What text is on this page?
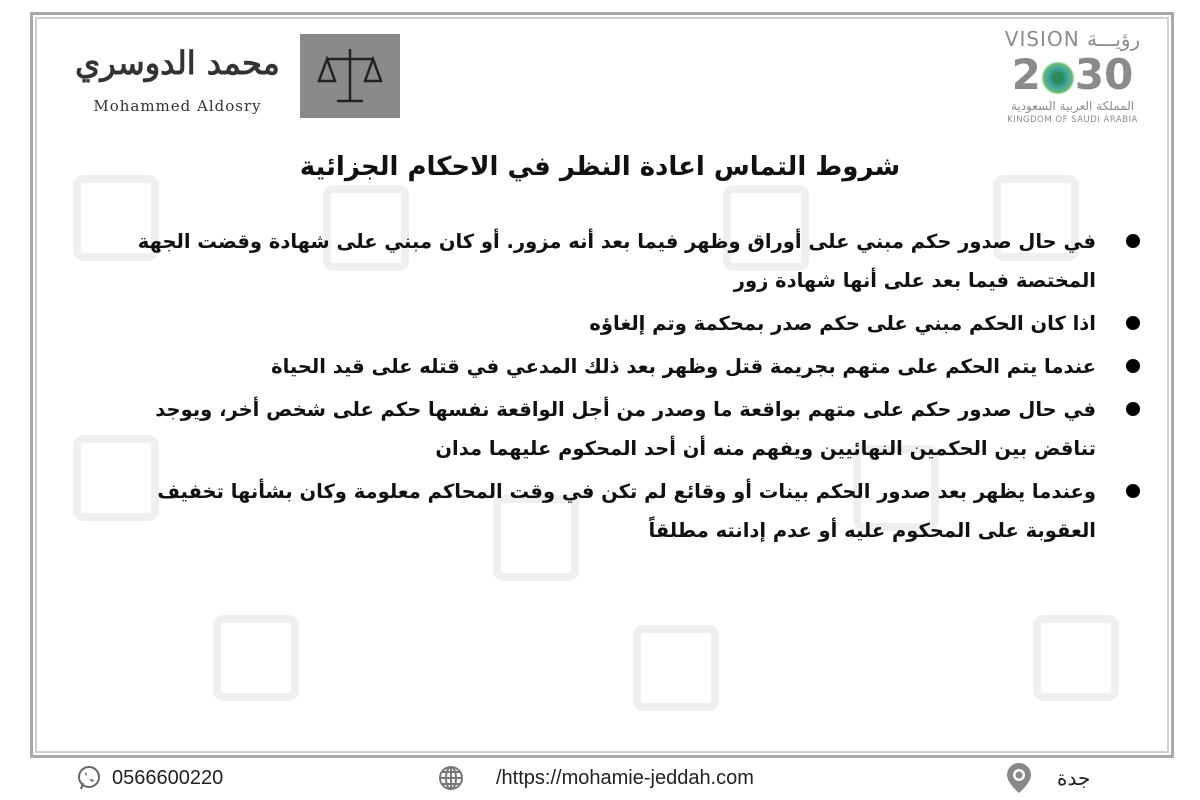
محمد الدوسري
Mohammed Aldosry
VISION رؤيـــة
2 30
المملكة العربية السعودية
KINGDOM OF SAUDI ARABIA
شروط التماس اعادة النظر في الاحكام الجزائية
في حال صدور حكم مبني على أوراق وظهر فيما بعد أنه مزور. أو كان مبني على شهادة وقضت الجهة المختصة فيما بعد على أنها شهادة زور
اذا كان الحكم مبني على حكم صدر بمحكمة وتم إلغاؤه
عندما يتم الحكم على متهم بجريمة قتل وظهر بعد ذلك المدعي في قتله على قيد الحياة
في حال صدور حكم على متهم بواقعة ما وصدر من أجل الواقعة نفسها حكم على شخص أخر، ويوجد تناقض بين الحكمين النهائيين ويفهم منه أن أحد المحكوم عليهما مدان
وعندما يظهر بعد صدور الحكم بينات أو وقائع لم تكن في وقت المحاكم معلومة وكان بشأنها تخفيف العقوبة على المحكوم عليه أو عدم إدانته مطلقاً
0566600220	/https://mohamie-jeddah.com	جدة
